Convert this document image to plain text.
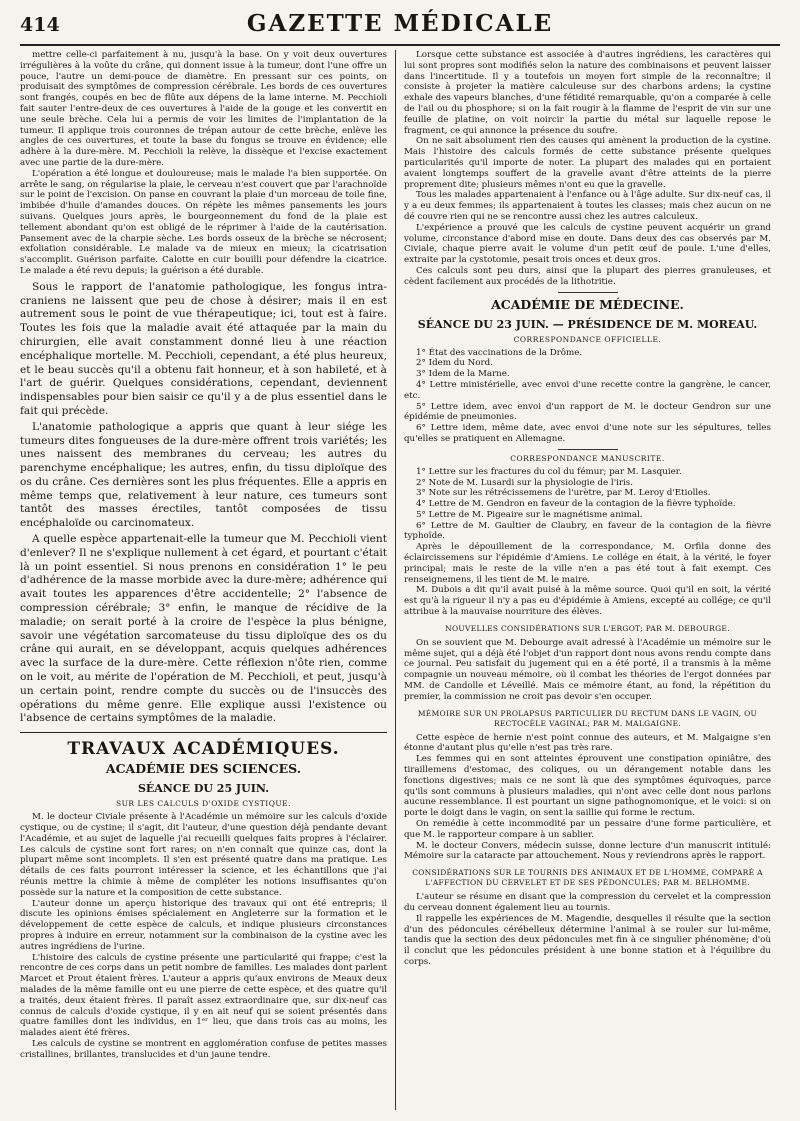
414	GAZETTE MÉDICALE

mettre celle-ci parfaitement à nu, jusqu'à la base. On y voit deux ouvertures irrégulières à la voûte du crâne, qui donnent issue à la tumeur, dont l'une offre un pouce, l'autre un demi-pouce de diamètre. En pressant sur ces points, on produisait des symptômes de compression cérébrale. Les bords de ces ouvertures sont frangés, coupés en bec de flûte aux dépens de la lame interne. M. Pecchioli fait sauter l'entre-deux de ces ouvertures à l'aide de la gouge et les convertit en une seule brèche. Cela lui a permis de voir les limites de l'implantation de la tumeur. Il applique trois couronnes de trépan autour de cette brèche, enlève les angles de ces ouvertures, et toute la base du fongus se trouve en évidence; elle adhère à la dure-mère. M. Pecchioli la relève, la dissèque et l'excise exactement avec une partie de la dure-mère.

L'opération a été longue et douloureuse; mais le malade l'a bien supportée. On arrête le sang, on régularise la plaie, le cerveau n'est couvert que par l'arachnoïde sur le point de l'excision. On panse en couvrant la plaie d'un morceau de toile fine, imbibée d'huile d'amandes douces. On répète les mêmes pansements les jours suivans. Quelques jours après, le bourgeonnement du fond de la plaie est tellement abondant qu'on est obligé de le réprimer à l'aide de la cautérisation. Pansement avec de la charpie sèche. Les bords osseux de la brèche se nécrosent; exfoliation considérable. Le malade va de mieux en mieux; la cicatrisation s'accomplit. Guérison parfaite. Calotte en cuir bouilli pour défendre la cicatrice. Le malade a été revu depuis; la guérison a été durable.

Sous le rapport de l'anatomie pathologique, les fongus intra-craniens ne laissent que peu de chose à désirer; mais il en est autrement sous le point de vue thérapeutique; ici, tout est à faire. Toutes les fois que la maladie avait été attaquée par la main du chirurgien, elle avait constamment donné lieu à une réaction encéphalique mortelle. M. Pecchioli, cependant, a été plus heureux, et le beau succès qu'il a obtenu fait honneur, et à son habileté, et à l'art de guérir. Quelques considérations, cependant, deviennent indispensables pour bien saisir ce qu'il y a de plus essentiel dans le fait qui précède.

L'anatomie pathologique a appris que quant à leur siége les tumeurs dites fongueuses de la dure-mère offrent trois variétés; les unes naissent des membranes du cerveau; les autres du parenchyme encéphalique; les autres, enfin, du tissu diploïque des os du crâne. Ces dernières sont les plus fréquentes. Elle a appris en même temps que, relativement à leur nature, ces tumeurs sont tantôt des masses érectiles, tantôt composées de tissu encéphaloïde ou carcinomateux.

A quelle espèce appartenait-elle la tumeur que M. Pecchioli vient d'enlever? Il ne s'explique nullement à cet égard, et pourtant c'était là un point essentiel. Si nous prenons en considération 1° le peu d'adhérence de la masse morbide avec la dure-mère; adhérence qui avait toutes les apparences d'être accidentelle; 2° l'absence de compression cérébrale; 3° enfin, le manque de récidive de la maladie; on serait porté à la croire de l'espèce la plus bénigne, savoir une végétation sarcomateuse du tissu diploïque des os du crâne qui aurait, en se développant, acquis quelques adhérences avec la surface de la dure-mère. Cette réflexion n'ôte rien, comme on le voit, au mérite de l'opération de M. Pecchioli, et peut, jusqu'à un certain point, rendre compte du succès ou de l'insuccès des opérations du même genre. Elle explique aussi l'existence ou l'absence de certains symptômes de la maladie.

TRAVAUX ACADÉMIQUES.
ACADÉMIE DES SCIENCES.
SÉANCE DU 25 JUIN.
SUR LES CALCULS D'OXIDE CYSTIQUE.

M. le docteur Civiale présente à l'Académie un mémoire sur les calculs d'oxide cystique, ou de cystine; il s'agit, dit l'auteur, d'une question déjà pendante devant l'Académie, et au sujet de laquelle j'ai recueilli quelques faits propres à l'éclairer. Les calculs de cystine sont fort rares; on n'en connaît que quinze cas, dont la plupart même sont incomplets. Il s'en est présenté quatre dans ma pratique. Les détails de ces faits pourront intéresser la science, et les échantillons que j'ai réunis mettre la chimie à même de compléter les notions insuffisantes qu'on possède sur la nature et la composition de cette substance.

L'auteur donne un aperçu historique des travaux qui ont été entrepris; il discute les opinions émises spécialement en Angleterre sur la formation et le développement de cette espèce de calculs, et indique plusieurs circonstances propres à induire en erreur, notamment sur la combinaison de la cystine avec les autres ingrédiens de l'urine.

L'histoire des calculs de cystine présente une particularité qui frappe; c'est la rencontre de ces corps dans un petit nombre de familles. Les malades dont parlent Marcet et Prout étaient frères. L'auteur a appris qu'aux environs de Meaux deux malades de la même famille ont eu une pierre de cette espèce, et des quatre qu'il a traités, deux étaient frères. Il paraît assez extraordinaire que, sur dix-neuf cas connus de calculs d'oxide cystique, il y en ait neuf qui se soient présentés dans quatre familles dont les individus, en 1ᵉʳ lieu, que dans trois cas au moins, les malades aient été frères.

Les calculs de cystine se montrent en agglomération confuse de petites masses cristallines, brillantes, translucides et d'un jaune tendre.

Lorsque cette substance est associée à d'autres ingrédiens, les caractères qui lui sont propres sont modifiés selon la nature des combinaisons et peuvent laisser dans l'incertitude. Il y a toutefois un moyen fort simple de la reconnaître; il consiste à projeter la matière calculeuse sur des charbons ardens; la cystine exhale des vapeurs blanches, d'une fétidité remarquable, qu'on a comparée à celle de l'ail ou du phosphore; si on la fait rougir à la flamme de l'esprit de vin sur une feuille de platine, on voit noircir la partie du métal sur laquelle repose le fragment, ce qui annonce la présence du soufre.

On ne sait absolument rien des causes qui amènent la production de la cystine. Mais l'histoire des calculs formés de cette substance présente quelques particularités qu'il importe de noter. La plupart des malades qui en portaient avaient longtemps souffert de la gravelle avant d'être atteints de la pierre proprement dite; plusieurs mêmes n'ont eu que la gravelle.

Tous les malades appartenaient à l'enfance ou à l'âge adulte. Sur dix-neuf cas, il y a eu deux femmes; ils appartenaient à toutes les classes; mais chez aucun on ne dé couvre rien qui ne se rencontre aussi chez les autres calculeux.

L'expérience a prouvé que les calculs de cystine peuvent acquérir un grand volume, circonstance d'abord mise en doute. Dans deux des cas observés par M. Civiale, chaque pierre avait le volume d'un petit œuf de poule. L'une d'elles, extraite par la cystotomie, pesait trois onces et deux gros.

Ces calculs sont peu durs, ainsi que la plupart des pierres granuleuses, et cèdent facilement aux procédés de la lithotritie.

ACADÉMIE DE MÉDECINE.
SÉANCE DU 23 JUIN. — PRÉSIDENCE DE M. MOREAU.
CORRESPONDANCE OFFICIELLE.

1° État des vaccinations de la Drôme.

2° Idem du Nord.

3° Idem de la Marne.

4° Lettre ministérielle, avec envoi d'une recette contre la gangrène, le cancer, etc.

5° Lettre idem, avec envoi d'un rapport de M. le docteur Gendron sur une épidémie de pneumonies.

6° Lettre idem, même date, avec envoi d'une note sur les sépultures, telles qu'elles se pratiquent en Allemagne.

CORRESPONDANCE MANUSCRITE.

1° Lettre sur les fractures du col du fémur; par M. Lasquier.

2° Note de M. Lusardi sur la physiologie de l'iris.

3° Note sur les rétrécissemens de l'urètre, par M. Leroy d'Etiolles.

4° Lettre de M. Gendron en faveur de la contagion de la fièvre typhoïde.

5° Lettre de M. Pigeaire sur le magnétisme animal.

6° Lettre de M. Gaultier de Claubry, en faveur de la contagion de la fièvre typhoïde.

Après le dépouillement de la correspondance, M. Orfila donne des éclaircissemens sur l'épidémie d'Amiens. Le collége en était, à la vérité, le foyer principal; mais le reste de la ville n'en a pas été tout à fait exempt. Ces renseignemens, il les tient de M. le maire.

M. Dubois a dit qu'il avait puisé à la même source. Quoi qu'il en soit, la vérité est qu'à la rigueur il n'y a pas eu d'épidémie à Amiens, excepté au collége; ce qu'il attribue à la mauvaise nourriture des élèves.

NOUVELLES CONSIDÉRATIONS SUR L'ERGOT; PAR M. DEBOURGE.

On se souvient que M. Debourge avait adressé à l'Académie un mémoire sur le même sujet, qui a déjà été l'objet d'un rapport dont nous avons rendu compte dans ce journal. Peu satisfait du jugement qui en a été porté, il a transmis à la même compagnie un nouveau mémoire, où il combat les théories de l'ergot données par MM. de Candolle et Léveillé. Mais ce mémoire étant, au fond, la répétition du premier, la commission ne croit pas devoir s'en occuper.

MÉMOIRE SUR UN PROLAPSUS PARTICULIER DU RECTUM DANS LE VAGIN, OU RECTOCÈLE VAGINAL; PAR M. MALGAIGNE.

Cette espèce de hernie n'est point connue des auteurs, et M. Malgaigne s'en étonne d'autant plus qu'elle n'est pas très rare.

Les femmes qui en sont atteintes éprouvent une constipation opiniâtre, des tiraillemens d'estomac, des coliques, ou un dérangement notable dans les fonctions digestives; mais ce ne sont là que des symptômes équivoques, parce qu'ils sont communs à plusieurs maladies, qui n'ont avec celle dont nous parlons aucune ressemblance. Il est pourtant un signe pathognomonique, et le voici: si on porte le doigt dans le vagin, on sent la saillie qui forme le rectum.

On remédie à cette incommodité par un pessaire d'une forme particulière, et que M. le rapporteur compare à un sablier.

M. le docteur Convers, médecin suisse, donne lecture d'un manuscrit intitulé: Mémoire sur la cataracte par attouchement. Nous y reviendrons après le rapport.

CONSIDÉRATIONS SUR LE TOURNIS DES ANIMAUX ET DE L'HOMME, COMPARÉ A L'AFFECTION DU CERVELET ET DE SES PÉDONCULES; PAR M. BELHOMME.

L'auteur se résume en disant que la compression du cervelet et la compression du cerveau donnent également lieu au tournis.

Il rappelle les expériences de M. Magendie, desquelles il résulte que la section d'un des pédoncules cérébelleux détermine l'animal à se rouler sur lui-même, tandis que la section des deux pédoncules met fin à ce singulier phénomène; d'où il conclut que les pédoncules président à une bonne station et à l'équilibre du corps.
